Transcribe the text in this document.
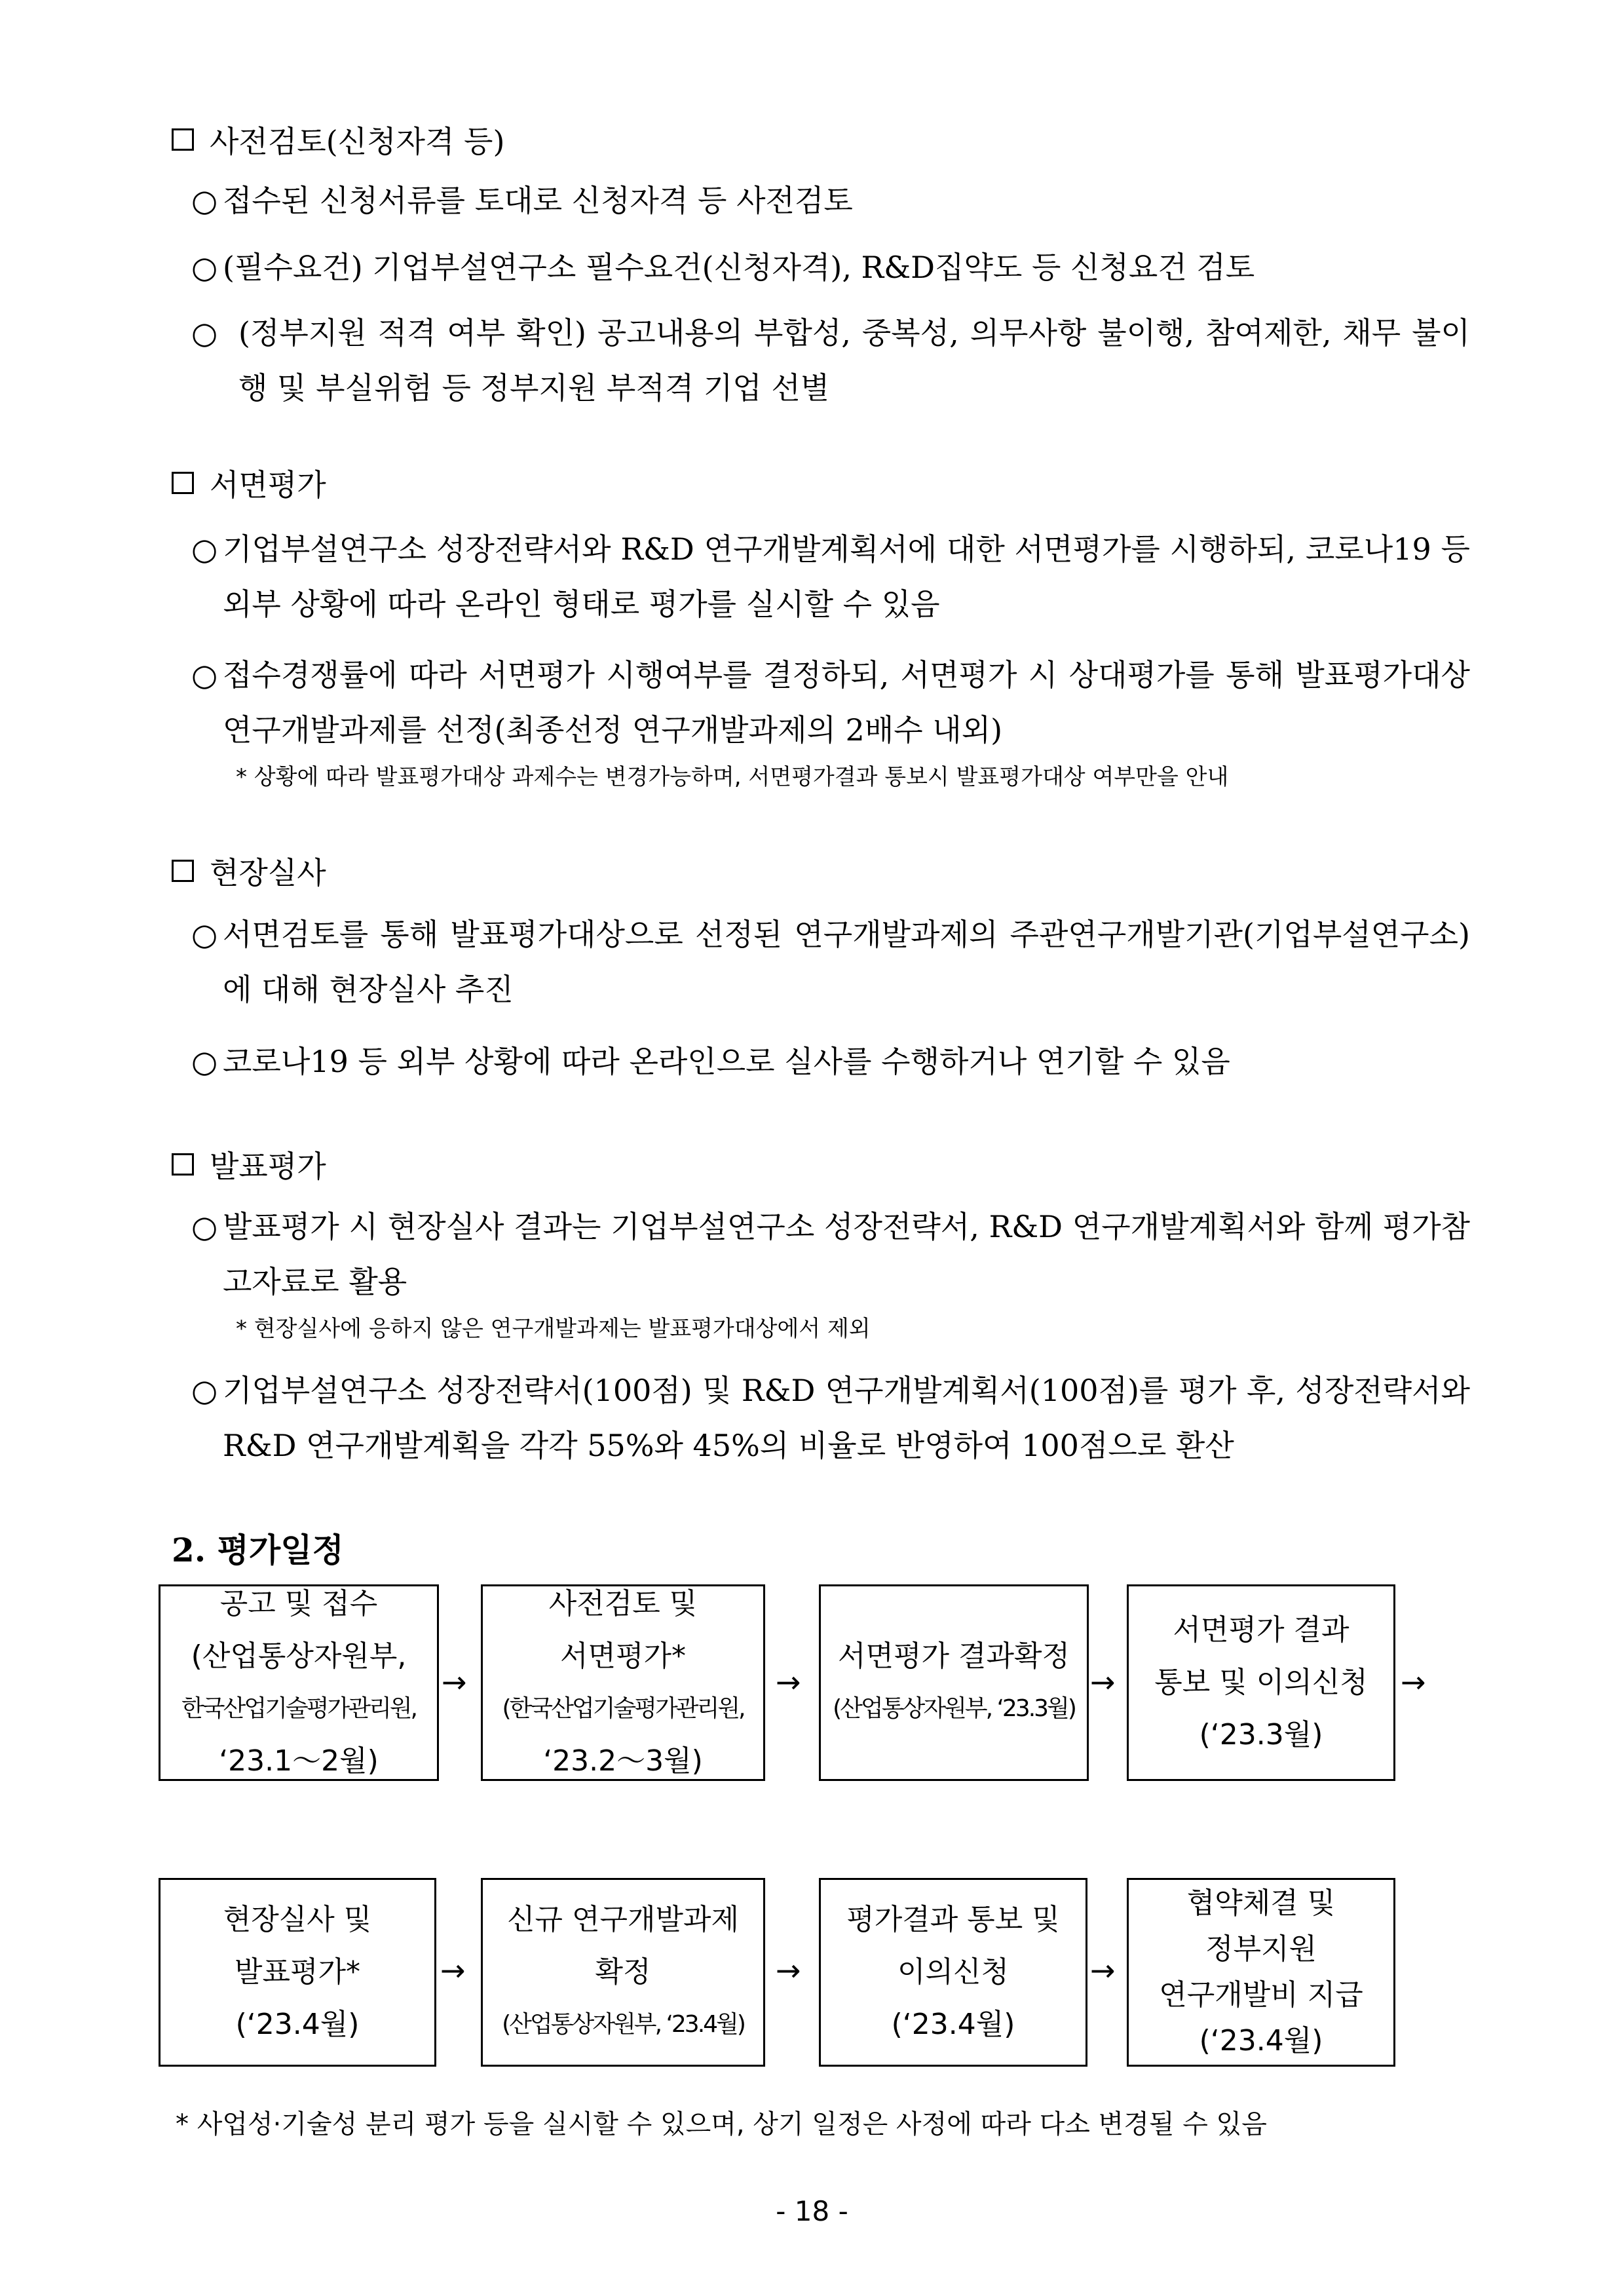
사전검토(신청자격 등)
○ 접수된 신청서류를 토대로 신청자격 등 사전검토
○ (필수요건) 기업부설연구소 필수요건(신청자격), R&D집약도 등 신청요건 검토
○ (정부지원 적격 여부 확인) 공고내용의 부합성, 중복성, 의무사항 불이행, 참여제한, 채무 불이행 및 부실위험 등 정부지원 부적격 기업 선별
서면평가
○ 기업부설연구소 성장전략서와 R&D 연구개발계획서에 대한 서면평가를 시행하되, 코로나19 등 외부 상황에 따라 온라인 형태로 평가를 실시할 수 있음
○ 접수경쟁률에 따라 서면평가 시행여부를 결정하되, 서면평가 시 상대평가를 통해 발표평가대상 연구개발과제를 선정(최종선정 연구개발과제의 2배수 내외)
* 상황에 따라 발표평가대상 과제수는 변경가능하며, 서면평가결과 통보시 발표평가대상 여부만을 안내
현장실사
○ 서면검토를 통해 발표평가대상으로 선정된 연구개발과제의 주관연구개발기관(기업부설연구소)에 대해 현장실사 추진
○ 코로나19 등 외부 상황에 따라 온라인으로 실사를 수행하거나 연기할 수 있음
발표평가
○ 발표평가 시 현장실사 결과는 기업부설연구소 성장전략서, R&D 연구개발계획서와 함께 평가참고자료로 활용
* 현장실사에 응하지 않은 연구개발과제는 발표평가대상에서 제외
○ 기업부설연구소 성장전략서(100점) 및 R&D 연구개발계획서(100점)를 평가 후, 성장전략서와 R&D 연구개발계획을 각각 55%와 45%의 비율로 반영하여 100점으로 환산
2. 평가일정
공고 및 접수
(산업통상자원부,
한국산업기술평가관리원,
‘23.1～2월)
→
사전검토 및
서면평가*
(한국산업기술평가관리원,
‘23.2～3월)
→
서면평가 결과확정
(산업통상자원부, ‘23.3월)
→
서면평가 결과
통보 및 이의신청
(‘23.3월)
→
현장실사 및
발표평가*
(‘23.4월)
→
신규 연구개발과제
확정
(산업통상자원부, ‘23.4월)
→
평가결과 통보 및
이의신청
(‘23.4월)
→
협약체결 및
정부지원
연구개발비 지급
(‘23.4월)
* 사업성·기술성 분리 평가 등을 실시할 수 있으며, 상기 일정은 사정에 따라 다소 변경될 수 있음
- 18 -
